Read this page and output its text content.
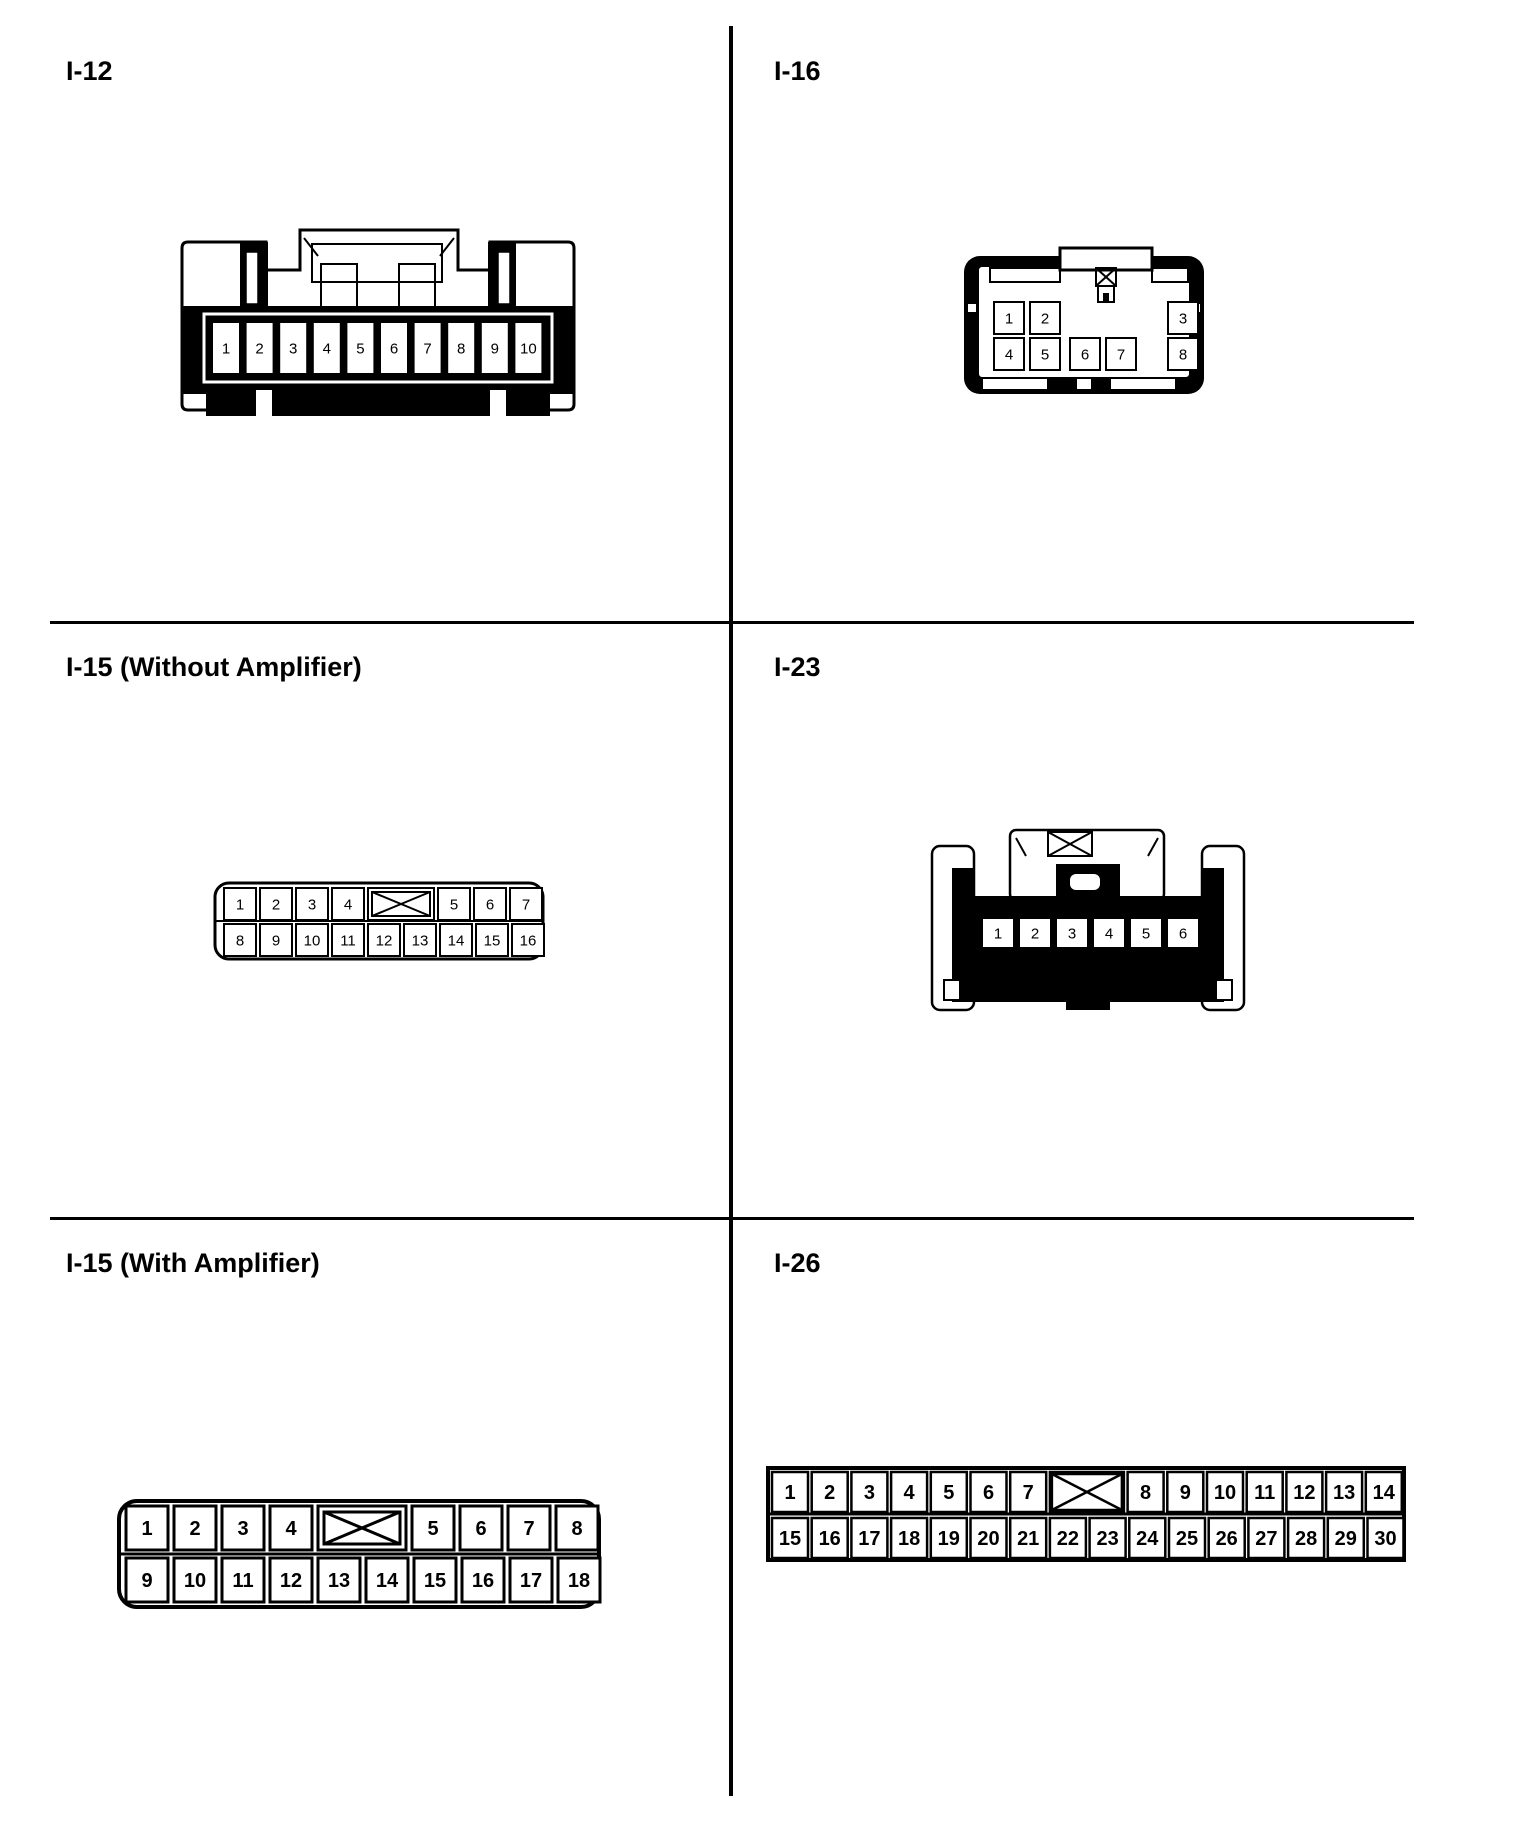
I-12	I-16
I-15 (Without Amplifier)	I-23
I-15 (With Amplifier)	I-26
1 2 3 4 5 6 7 8 9 10
1 2	3
4 5 6 7	8
1 2 3 4	5 6 7
8 9 10 11 12 13 14 15 16	1 2 3 4 5 6
1 2 3 4	5 6 7 8
9 10 11 12 13 14 15 16 17 18
1 2 3 4 5 6 7	8 9 10 11 12 13 14
15 16 17 18 19 20 21 22 23 24 25 26 27 28 29 30
